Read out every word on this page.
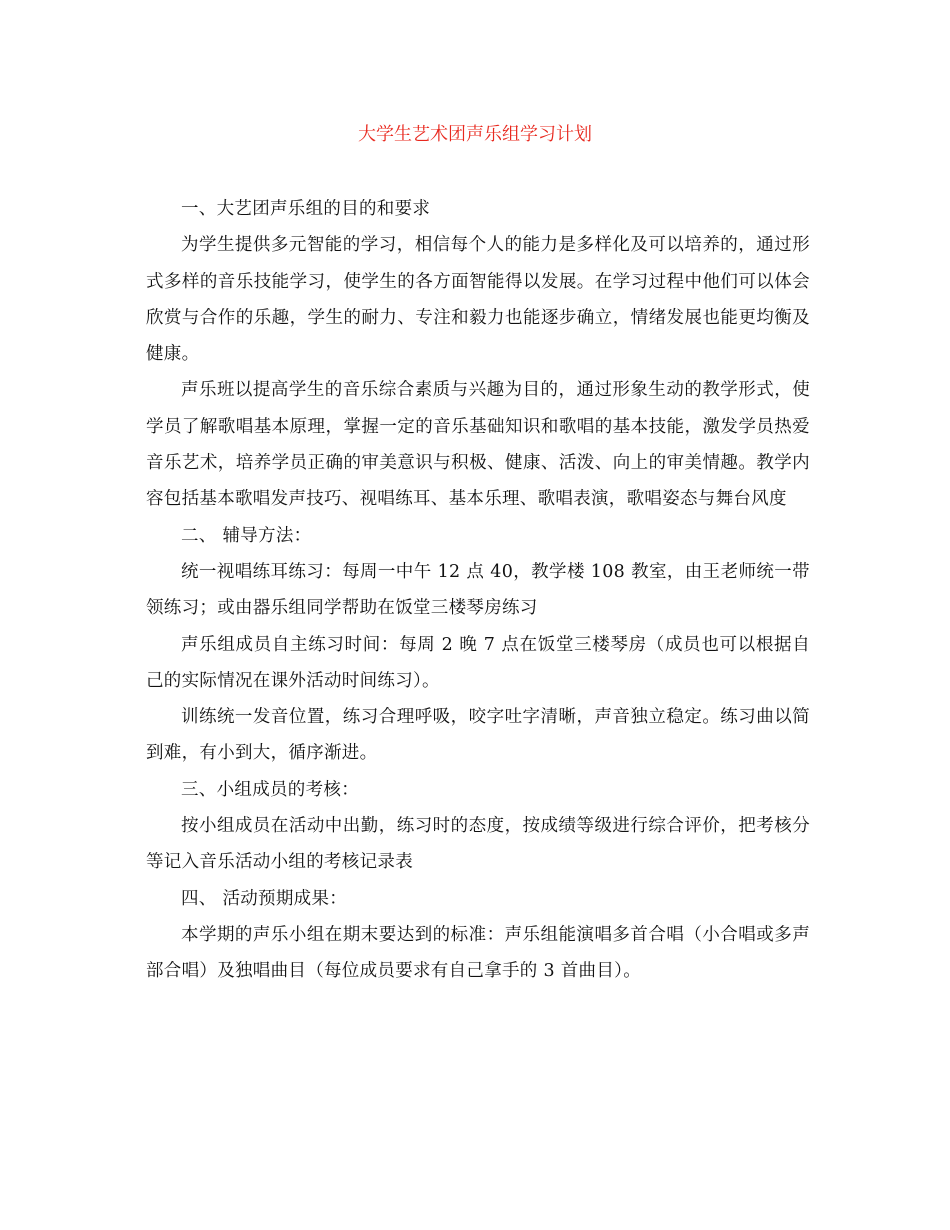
大学生艺术团声乐组学习计划

一、大艺团声乐组的目的和要求

为学生提供多元智能的学习，相信每个人的能力是多样化及可以培养的，通过形式多样的音乐技能学习，使学生的各方面智能得以发展。在学习过程中他们可以体会欣赏与合作的乐趣，学生的耐力、专注和毅力也能逐步确立，情绪发展也能更均衡及健康。

声乐班以提高学生的音乐综合素质与兴趣为目的，通过形象生动的教学形式，使学员了解歌唱基本原理，掌握一定的音乐基础知识和歌唱的基本技能，激发学员热爱音乐艺术，培养学员正确的审美意识与积极、健康、活泼、向上的审美情趣。教学内容包括基本歌唱发声技巧、视唱练耳、基本乐理、歌唱表演，歌唱姿态与舞台风度

二、 辅导方法：

统一视唱练耳练习：每周一中午 12 点 40，教学楼 108 教室，由王老师统一带领练习；或由器乐组同学帮助在饭堂三楼琴房练习

声乐组成员自主练习时间：每周 2 晚 7 点在饭堂三楼琴房（成员也可以根据自己的实际情况在课外活动时间练习）。

训练统一发音位置，练习合理呼吸，咬字吐字清晰，声音独立稳定。练习曲以简到难，有小到大，循序渐进。

三、小组成员的考核：

按小组成员在活动中出勤，练习时的态度，按成绩等级进行综合评价，把考核分等记入音乐活动小组的考核记录表

四、 活动预期成果：

本学期的声乐小组在期末要达到的标准：声乐组能演唱多首合唱（小合唱或多声部合唱）及独唱曲目（每位成员要求有自己拿手的 3 首曲目）。
